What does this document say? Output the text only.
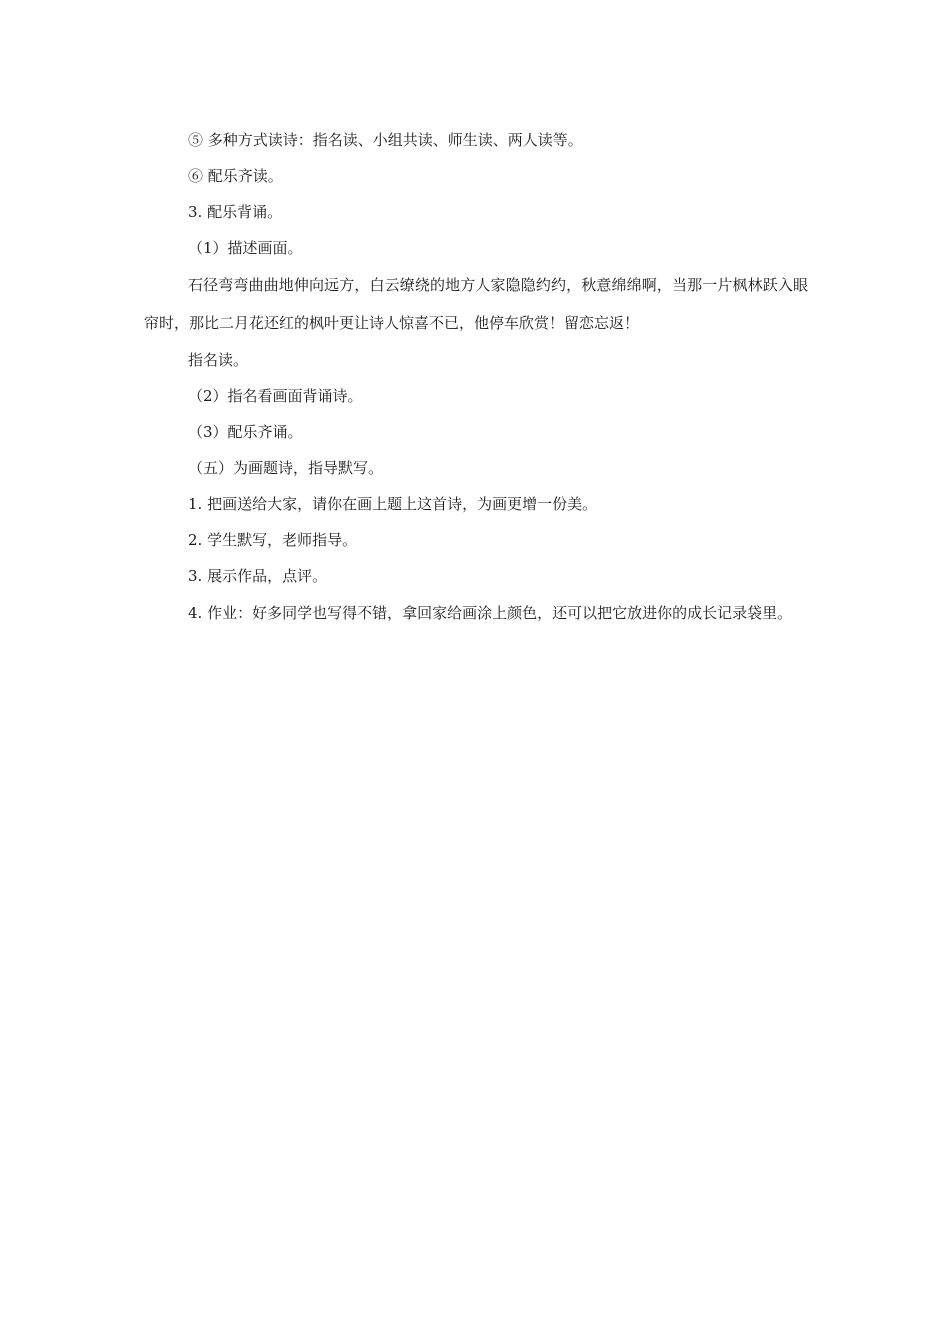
⑤ 多种方式读诗：指名读、小组共读、师生读、两人读等。

⑥ 配乐齐读。

3. 配乐背诵。

（1）描述画面。

石径弯弯曲曲地伸向远方，白云缭绕的地方人家隐隐约约，秋意绵绵啊，当那一片枫林跃入眼帘时，那比二月花还红的枫叶更让诗人惊喜不已，他停车欣赏！留恋忘返！

指名读。

（2）指名看画面背诵诗。

（3）配乐齐诵。

（五）为画题诗，指导默写。

1. 把画送给大家，请你在画上题上这首诗，为画更增一份美。

2. 学生默写，老师指导。

3. 展示作品，点评。

4. 作业：好多同学也写得不错，拿回家给画涂上颜色，还可以把它放进你的成长记录袋里。
